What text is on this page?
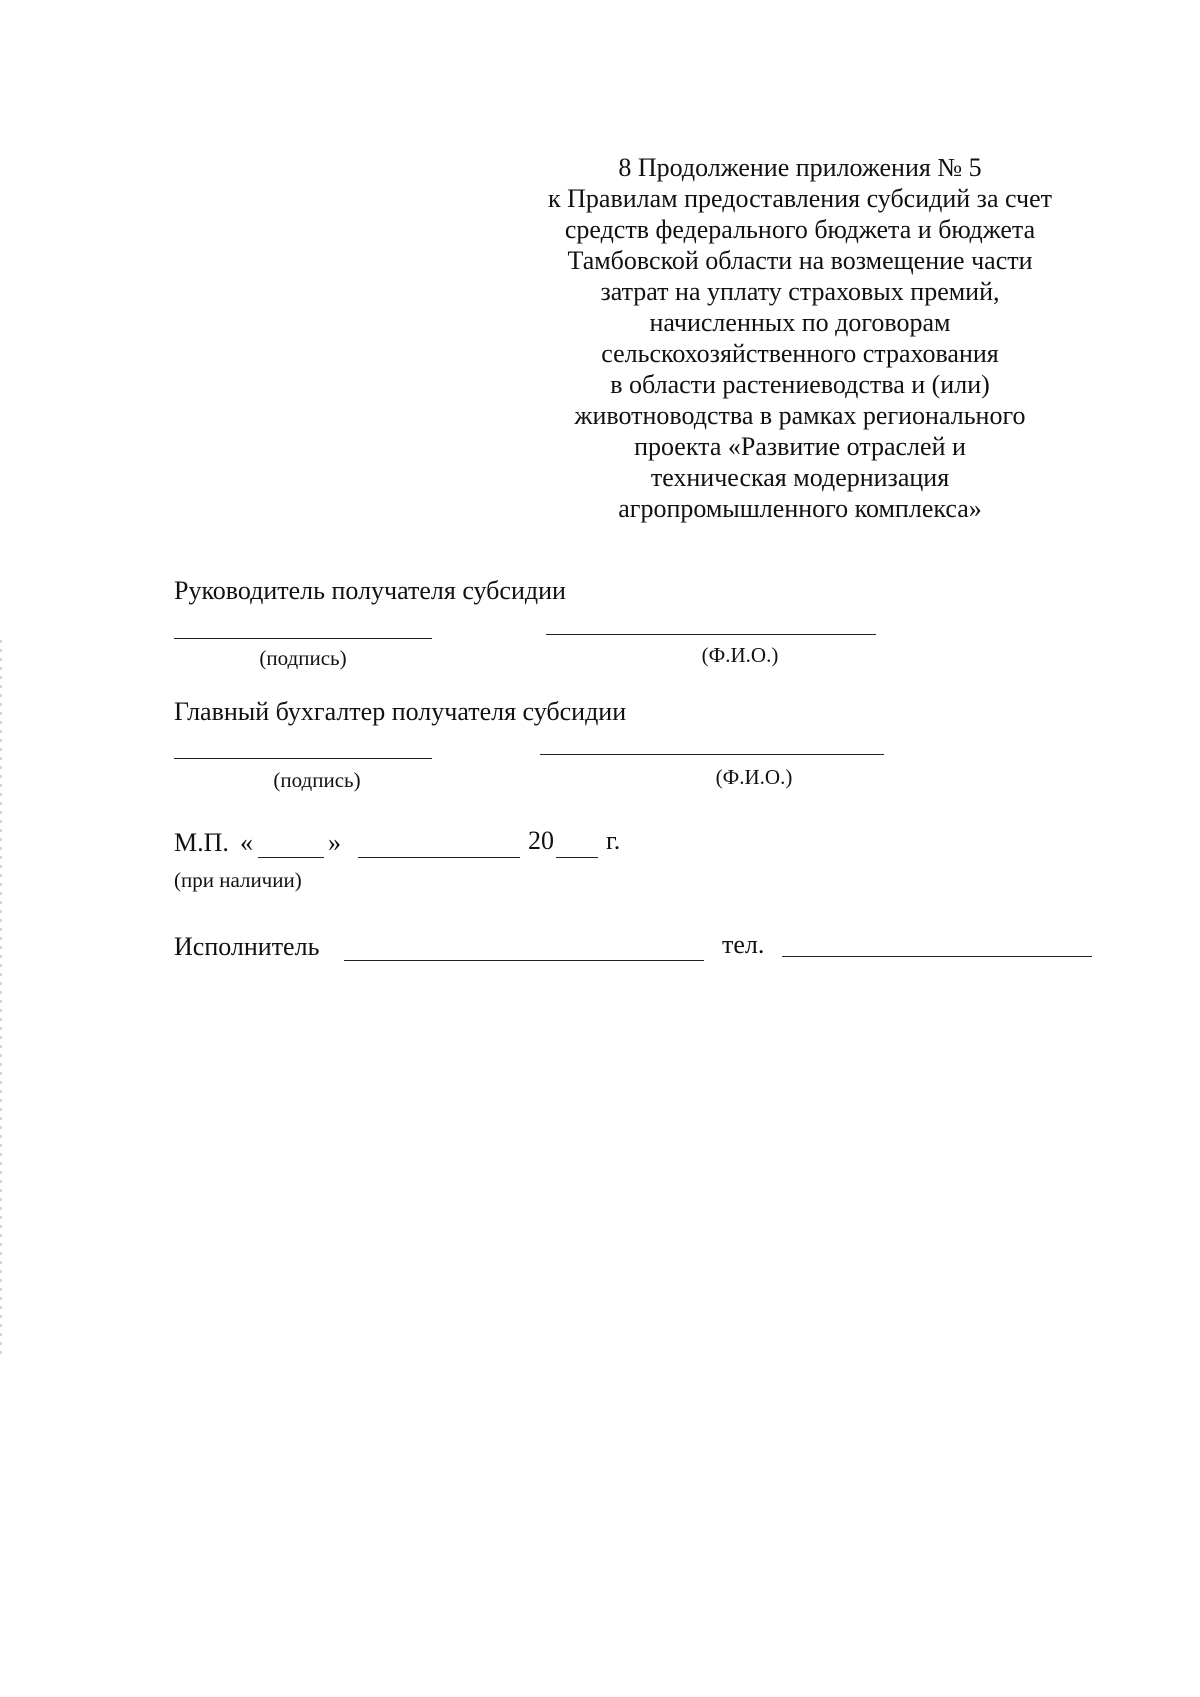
8 Продолжение приложения № 5
к Правилам предоставления субсидий за счет
средств федерального бюджета и бюджета
Тамбовской области на возмещение части
затрат на уплату страховых премий,
начисленных по договорам
сельскохозяйственного страхования
в области растениеводства и (или)
животноводства в рамках регионального
проекта «Развитие отраслей и
техническая модернизация
агропромышленного комплекса»
Руководитель получателя субсидии
(подпись)	(Ф.И.О.)
Главный бухгалтер получателя субсидии
(подпись)	(Ф.И.О.)
М.П. «	»	20 г.
(при наличии)
Исполнитель	тел.
